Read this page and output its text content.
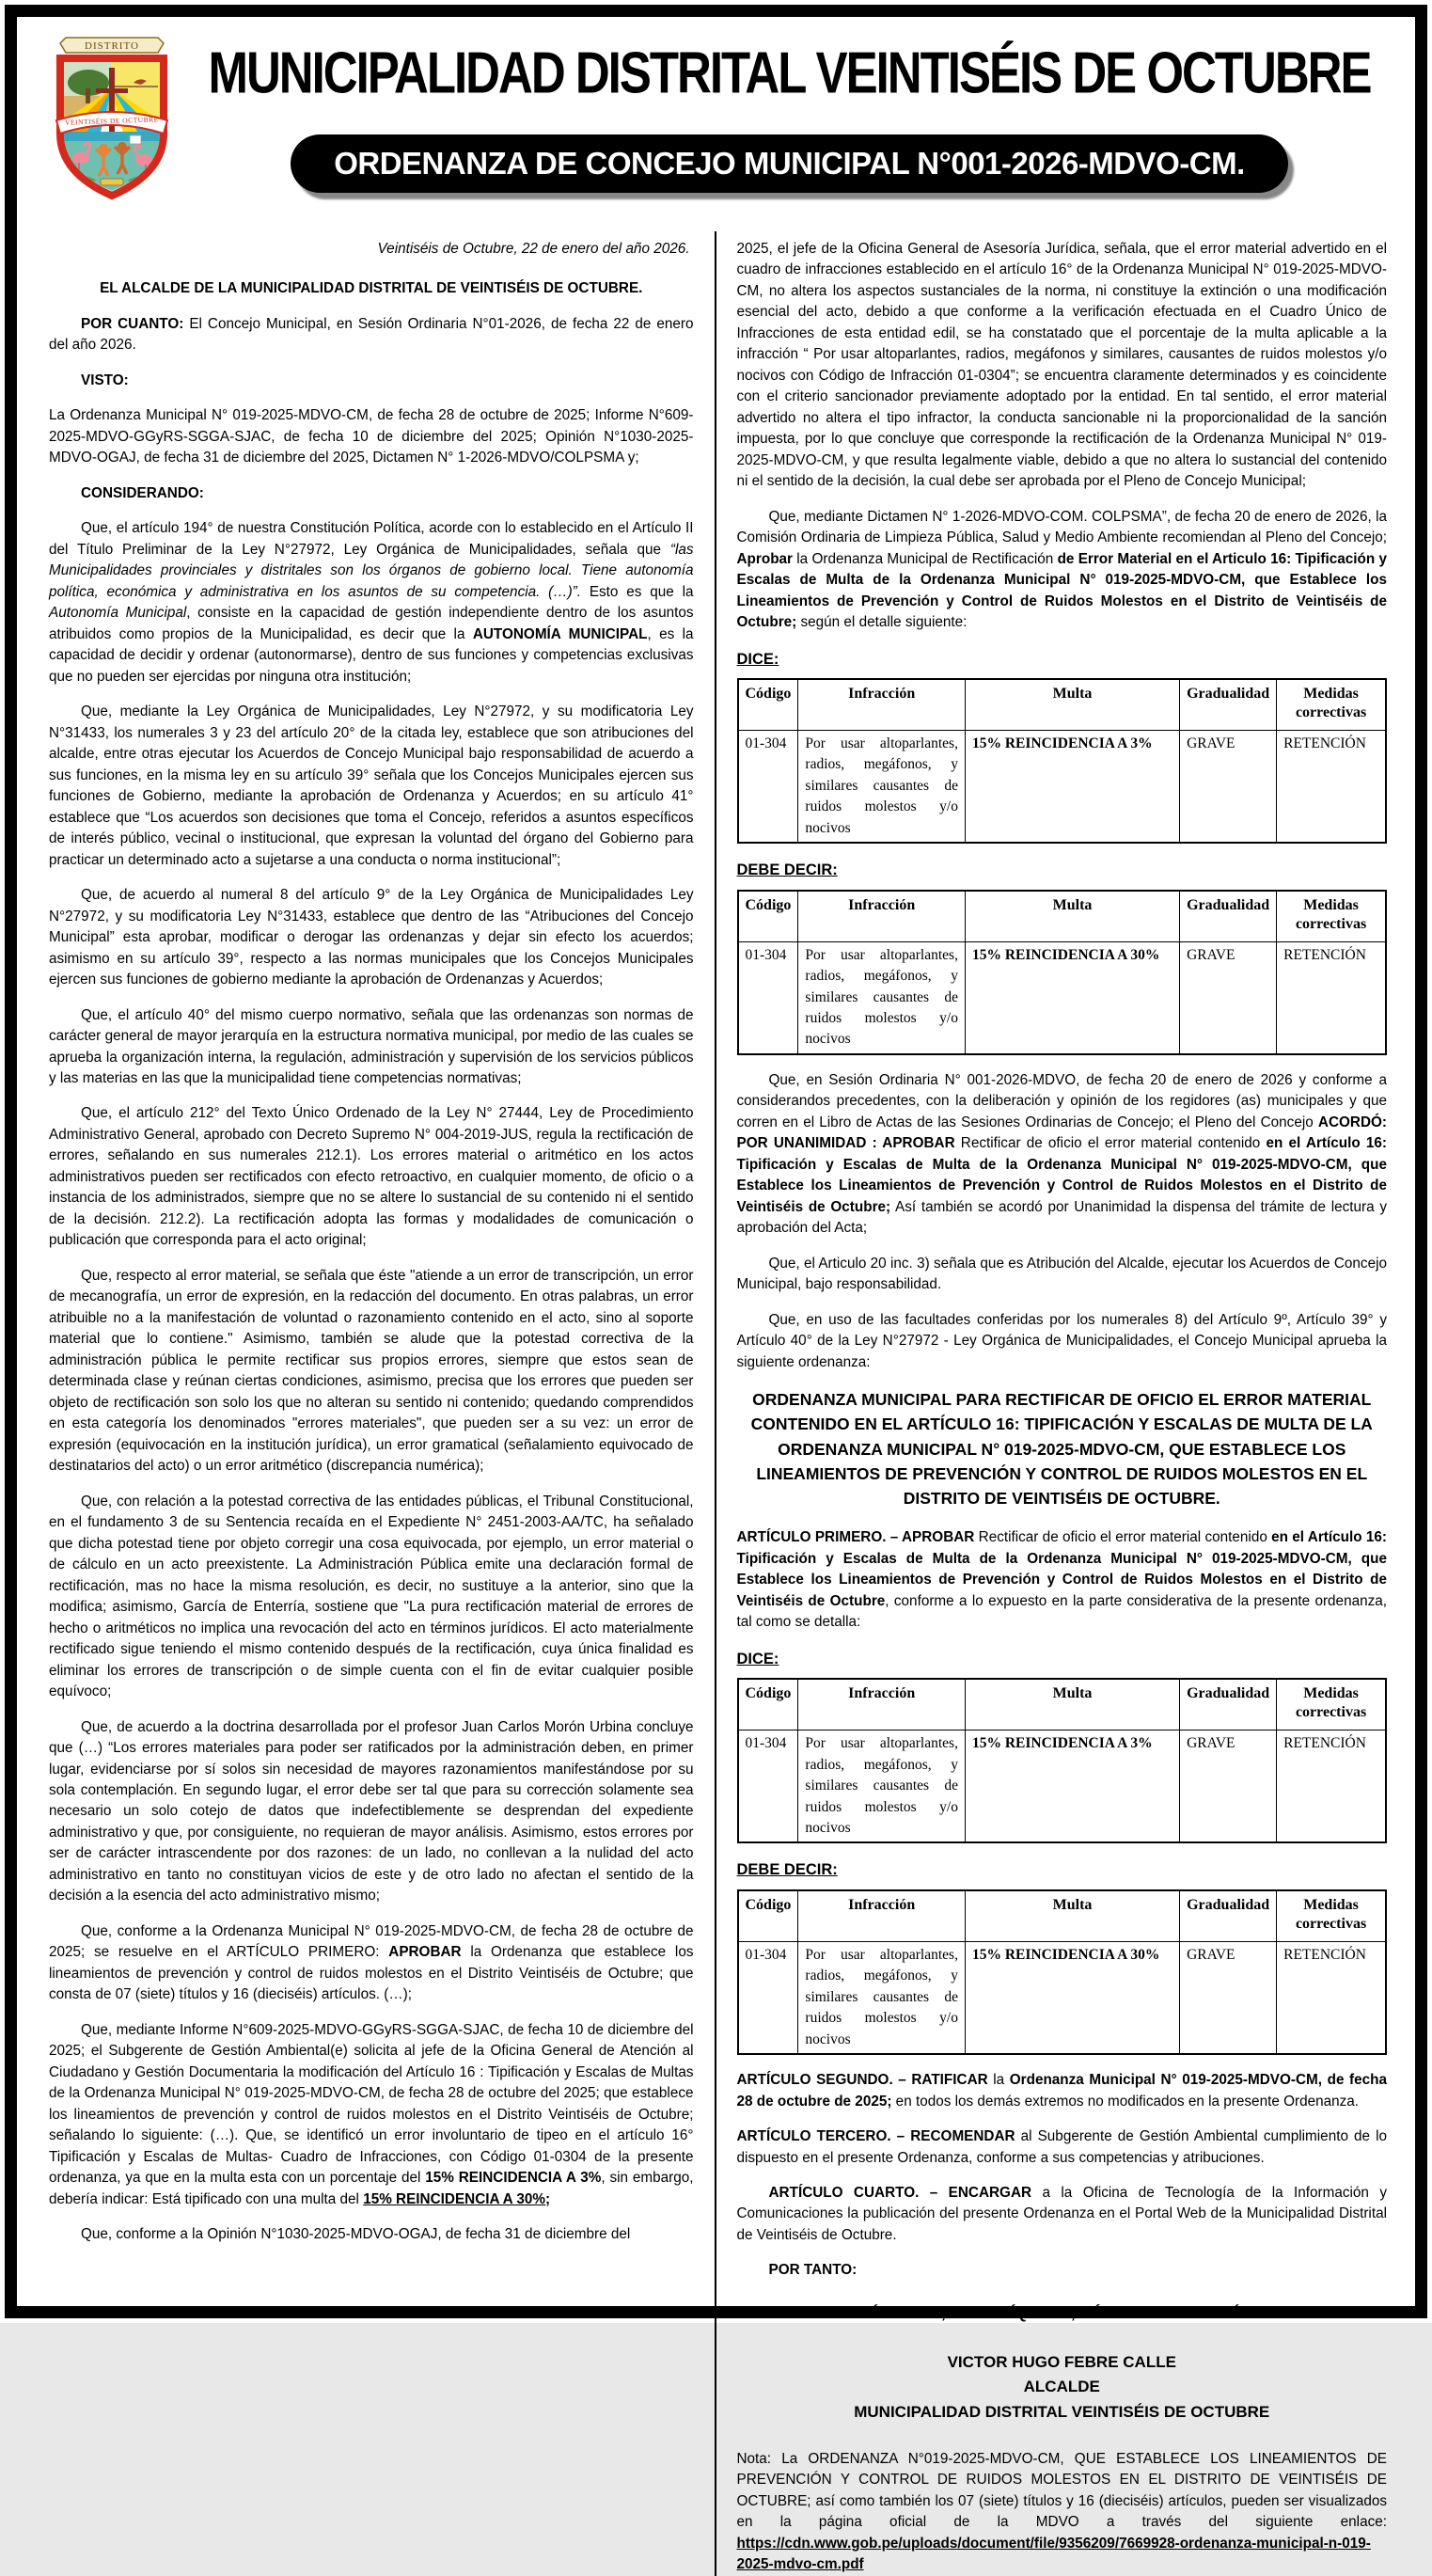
DISTRITO
VEINTISÉIS DE OCTUBRE
MUNICIPALIDAD DISTRITAL VEINTISÉIS DE OCTUBRE
ORDENANZA DE CONCEJO MUNICIPAL N°001-2026-MDVO-CM.

Veintiséis de Octubre, 22 de enero del año 2026.

EL ALCALDE DE LA MUNICIPALIDAD DISTRITAL DE VEINTISÉIS DE OCTUBRE.

POR CUANTO: El Concejo Municipal, en Sesión Ordinaria N°01-2026, de fecha 22 de enero del año 2026.

VISTO:

La Ordenanza Municipal N° 019-2025-MDVO-CM, de fecha 28 de octubre de 2025; Informe N°609-2025-MDVO-GGyRS-SGGA-SJAC, de fecha 10 de diciembre del 2025; Opinión N°1030-2025-MDVO-OGAJ, de fecha 31 de diciembre del 2025, Dictamen N° 1-2026-MDVO/COLPSMA y;

CONSIDERANDO:

Que, el artículo 194° de nuestra Constitución Política, acorde con lo establecido en el Artículo II del Título Preliminar de la Ley N°27972, Ley Orgánica de Municipalidades, señala que “las Municipalidades provinciales y distritales son los órganos de gobierno local. Tiene autonomía política, económica y administrativa en los asuntos de su competencia. (…)”. Esto es que la Autonomía Municipal, consiste en la capacidad de gestión independiente dentro de los asuntos atribuidos como propios de la Municipalidad, es decir que la AUTONOMÍA MUNICIPAL, es la capacidad de decidir y ordenar (autonormarse), dentro de sus funciones y competencias exclusivas que no pueden ser ejercidas por ninguna otra institución;

Que, mediante la Ley Orgánica de Municipalidades, Ley N°27972, y su modificatoria Ley N°31433, los numerales 3 y 23 del artículo 20° de la citada ley, establece que son atribuciones del alcalde, entre otras ejecutar los Acuerdos de Concejo Municipal bajo responsabilidad de acuerdo a sus funciones, en la misma ley en su artículo 39° señala que los Concejos Municipales ejercen sus funciones de Gobierno, mediante la aprobación de Ordenanza y Acuerdos; en su artículo 41° establece que “Los acuerdos son decisiones que toma el Concejo, referidos a asuntos específicos de interés público, vecinal o institucional, que expresan la voluntad del órgano del Gobierno para practicar un determinado acto a sujetarse a una conducta o norma institucional”;

Que, de acuerdo al numeral 8 del artículo 9° de la Ley Orgánica de Municipalidades Ley N°27972, y su modificatoria Ley N°31433, establece que dentro de las “Atribuciones del Concejo Municipal” esta aprobar, modificar o derogar las ordenanzas y dejar sin efecto los acuerdos; asimismo en su artículo 39°, respecto a las normas municipales que los Concejos Municipales ejercen sus funciones de gobierno mediante la aprobación de Ordenanzas y Acuerdos;

Que, el artículo 40° del mismo cuerpo normativo, señala que las ordenanzas son normas de carácter general de mayor jerarquía en la estructura normativa municipal, por medio de las cuales se aprueba la organización interna, la regulación, administración y supervisión de los servicios públicos y las materias en las que la municipalidad tiene competencias normativas;

Que, el artículo 212° del Texto Único Ordenado de la Ley N° 27444, Ley de Procedimiento Administrativo General, aprobado con Decreto Supremo N° 004-2019-JUS, regula la rectificación de errores, señalando en sus numerales 212.1). Los errores material o aritmético en los actos administrativos pueden ser rectificados con efecto retroactivo, en cualquier momento, de oficio o a instancia de los administrados, siempre que no se altere lo sustancial de su contenido ni el sentido de la decisión. 212.2). La rectificación adopta las formas y modalidades de comunicación o publicación que corresponda para el acto original;

Que, respecto al error material, se señala que éste "atiende a un error de transcripción, un error de mecanografía, un error de expresión, en la redacción del documento. En otras palabras, un error atribuible no a la manifestación de voluntad o razonamiento contenido en el acto, sino al soporte material que lo contiene." Asimismo, también se alude que la potestad correctiva de la administración pública le permite rectificar sus propios errores, siempre que estos sean de determinada clase y reúnan ciertas condiciones, asimismo, precisa que los errores que pueden ser objeto de rectificación son solo los que no alteran su sentido ni contenido; quedando comprendidos en esta categoría los denominados "errores materiales", que pueden ser a su vez: un error de expresión (equivocación en la institución jurídica), un error gramatical (señalamiento equivocado de destinatarios del acto) o un error aritmético (discrepancia numérica);

Que, con relación a la potestad correctiva de las entidades públicas, el Tribunal Constitucional, en el fundamento 3 de su Sentencia recaída en el Expediente N° 2451-2003-AA/TC, ha señalado que dicha potestad tiene por objeto corregir una cosa equivocada, por ejemplo, un error material o de cálculo en un acto preexistente. La Administración Pública emite una declaración formal de rectificación, mas no hace la misma resolución, es decir, no sustituye a la anterior, sino que la modifica; asimismo, García de Enterría, sostiene que "La pura rectificación material de errores de hecho o aritméticos no implica una revocación del acto en términos jurídicos. El acto materialmente rectificado sigue teniendo el mismo contenido después de la rectificación, cuya única finalidad es eliminar los errores de transcripción o de simple cuenta con el fin de evitar cualquier posible equívoco;

Que, de acuerdo a la doctrina desarrollada por el profesor Juan Carlos Morón Urbina concluye que (…) “Los errores materiales para poder ser ratificados por la administración deben, en primer lugar, evidenciarse por sí solos sin necesidad de mayores razonamientos manifestándose por su sola contemplación. En segundo lugar, el error debe ser tal que para su corrección solamente sea necesario un solo cotejo de datos que indefectiblemente se desprendan del expediente administrativo y que, por consiguiente, no requieran de mayor análisis. Asimismo, estos errores por ser de carácter intrascendente por dos razones: de un lado, no conllevan a la nulidad del acto administrativo en tanto no constituyan vicios de este y de otro lado no afectan el sentido de la decisión a la esencia del acto administrativo mismo;

Que, conforme a la Ordenanza Municipal N° 019-2025-MDVO-CM, de fecha 28 de octubre de 2025; se resuelve en el ARTÍCULO PRIMERO: APROBAR la Ordenanza que establece los lineamientos de prevención y control de ruidos molestos en el Distrito Veintiséis de Octubre; que consta de 07 (siete) títulos y 16 (dieciséis) artículos. (…);

Que, mediante Informe N°609-2025-MDVO-GGyRS-SGGA-SJAC, de fecha 10 de diciembre del 2025; el Subgerente de Gestión Ambiental(e) solicita al jefe de la Oficina General de Atención al Ciudadano y Gestión Documentaria la modificación del Artículo 16 : Tipificación y Escalas de Multas de la Ordenanza Municipal N° 019-2025-MDVO-CM, de fecha 28 de octubre del 2025; que establece los lineamientos de prevención y control de ruidos molestos en el Distrito Veintiséis de Octubre; señalando lo siguiente: (…). Que, se identificó un error involuntario de tipeo en el artículo 16° Tipificación y Escalas de Multas- Cuadro de Infracciones, con Código 01-0304 de la presente ordenanza, ya que en la multa esta con un porcentaje del 15% REINCIDENCIA A 3%, sin embargo, debería indicar: Está tipificado con una multa del 15% REINCIDENCIA A 30%;

Que, conforme a la Opinión N°1030-2025-MDVO-OGAJ, de fecha 31 de diciembre del

2025, el jefe de la Oficina General de Asesoría Jurídica, señala, que el error material advertido en el cuadro de infracciones establecido en el artículo 16° de la Ordenanza Municipal N° 019-2025-MDVO-CM, no altera los aspectos sustanciales de la norma, ni constituye la extinción o una modificación esencial del acto, debido a que conforme a la verificación efectuada en el Cuadro Único de Infracciones de esta entidad edil, se ha constatado que el porcentaje de la multa aplicable a la infracción “ Por usar altoparlantes, radios, megáfonos y similares, causantes de ruidos molestos y/o nocivos con Código de Infracción 01-0304”; se encuentra claramente determinados y es coincidente con el criterio sancionador previamente adoptado por la entidad. En tal sentido, el error material advertido no altera el tipo infractor, la conducta sancionable ni la proporcionalidad de la sanción impuesta, por lo que concluye que corresponde la rectificación de la Ordenanza Municipal N° 019-2025-MDVO-CM, y que resulta legalmente viable, debido a que no altera lo sustancial del contenido ni el sentido de la decisión, la cual debe ser aprobada por el Pleno de Concejo Municipal;

Que, mediante Dictamen N° 1-2026-MDVO-COM. COLPSMA”, de fecha 20 de enero de 2026, la Comisión Ordinaria de Limpieza Pública, Salud y Medio Ambiente recomiendan al Pleno del Concejo; Aprobar la Ordenanza Municipal de Rectificación de Error Material en el Articulo 16: Tipificación y Escalas de Multa de la Ordenanza Municipal N° 019-2025-MDVO-CM, que Establece los Lineamientos de Prevención y Control de Ruidos Molestos en el Distrito de Veintiséis de Octubre; según el detalle siguiente:

DICE:
Código	Infracción	Multa	Gradualidad	Medidas correctivas
01-304	Por usar altoparlantes, radios, megáfonos, y similares causantes de ruidos molestos y/o nocivos	15% REINCIDENCIA A 3%	GRAVE	RETENCIÓN
DEBE DECIR:
Código	Infracción	Multa	Gradualidad	Medidas correctivas
01-304	Por usar altoparlantes, radios, megáfonos, y similares causantes de ruidos molestos y/o nocivos	15% REINCIDENCIA A 30%	GRAVE	RETENCIÓN

Que, en Sesión Ordinaria N° 001-2026-MDVO, de fecha 20 de enero de 2026 y conforme a considerandos precedentes, con la deliberación y opinión de los regidores (as) municipales y que corren en el Libro de Actas de las Sesiones Ordinarias de Concejo; el Pleno del Concejo ACORDÓ: POR UNANIMIDAD : APROBAR Rectificar de oficio el error material contenido en el Artículo 16: Tipificación y Escalas de Multa de la Ordenanza Municipal N° 019-2025-MDVO-CM, que Establece los Lineamientos de Prevención y Control de Ruidos Molestos en el Distrito de Veintiséis de Octubre; Así también se acordó por Unanimidad la dispensa del trámite de lectura y aprobación del Acta;

Que, el Articulo 20 inc. 3) señala que es Atribución del Alcalde, ejecutar los Acuerdos de Concejo Municipal, bajo responsabilidad.

Que, en uso de las facultades conferidas por los numerales 8) del Artículo 9º, Artículo 39° y Artículo 40° de la Ley N°27972 - Ley Orgánica de Municipalidades, el Concejo Municipal aprueba la siguiente ordenanza:

ORDENANZA MUNICIPAL PARA RECTIFICAR DE OFICIO EL ERROR MATERIAL CONTENIDO EN EL ARTÍCULO 16: TIPIFICACIÓN Y ESCALAS DE MULTA DE LA ORDENANZA MUNICIPAL N° 019-2025-MDVO-CM, QUE ESTABLECE LOS LINEAMIENTOS DE PREVENCIÓN Y CONTROL DE RUIDOS MOLESTOS EN EL DISTRITO DE VEINTISÉIS DE OCTUBRE.

ARTÍCULO PRIMERO. – APROBAR Rectificar de oficio el error material contenido en el Artículo 16: Tipificación y Escalas de Multa de la Ordenanza Municipal N° 019-2025-MDVO-CM, que Establece los Lineamientos de Prevención y Control de Ruidos Molestos en el Distrito de Veintiséis de Octubre, conforme a lo expuesto en la parte considerativa de la presente ordenanza, tal como se detalla:

DICE:
Código	Infracción	Multa	Gradualidad	Medidas correctivas
01-304	Por usar altoparlantes, radios, megáfonos, y similares causantes de ruidos molestos y/o nocivos	15% REINCIDENCIA A 3%	GRAVE	RETENCIÓN
DEBE DECIR:
Código	Infracción	Multa	Gradualidad	Medidas correctivas
01-304	Por usar altoparlantes, radios, megáfonos, y similares causantes de ruidos molestos y/o nocivos	15% REINCIDENCIA A 30%	GRAVE	RETENCIÓN

ARTÍCULO SEGUNDO. – RATIFICAR la Ordenanza Municipal N° 019-2025-MDVO-CM, de fecha 28 de octubre de 2025; en todos los demás extremos no modificados en la presente Ordenanza.

ARTÍCULO TERCERO. – RECOMENDAR al Subgerente de Gestión Ambiental cumplimiento de lo dispuesto en el presente Ordenanza, conforme a sus competencias y atribuciones.

ARTÍCULO CUARTO. – ENCARGAR a la Oficina de Tecnología de la Información y Comunicaciones la publicación del presente Ordenanza en el Portal Web de la Municipalidad Distrital de Veintiséis de Octubre.

POR TANTO:

REGÍSTRESE, COMUNÍQUESE, CÚMPLASE Y ARCHÍVESE.

VICTOR HUGO FEBRE CALLE
ALCALDE
MUNICIPALIDAD DISTRITAL VEINTISÉIS DE OCTUBRE

Nota: La ORDENANZA N°019-2025-MDVO-CM, QUE ESTABLECE LOS LINEAMIENTOS DE PREVENCIÓN Y CONTROL DE RUIDOS MOLESTOS EN EL DISTRITO DE VEINTISÉIS DE OCTUBRE; así como también los 07 (siete) títulos y 16 (dieciséis) artículos, pueden ser visualizados en la página oficial de la MDVO a través del siguiente enlace: https://cdn.www.gob.pe/uploads/document/file/9356209/7669928-ordenanza-municipal-n-019-2025-mdvo-cm.pdf
